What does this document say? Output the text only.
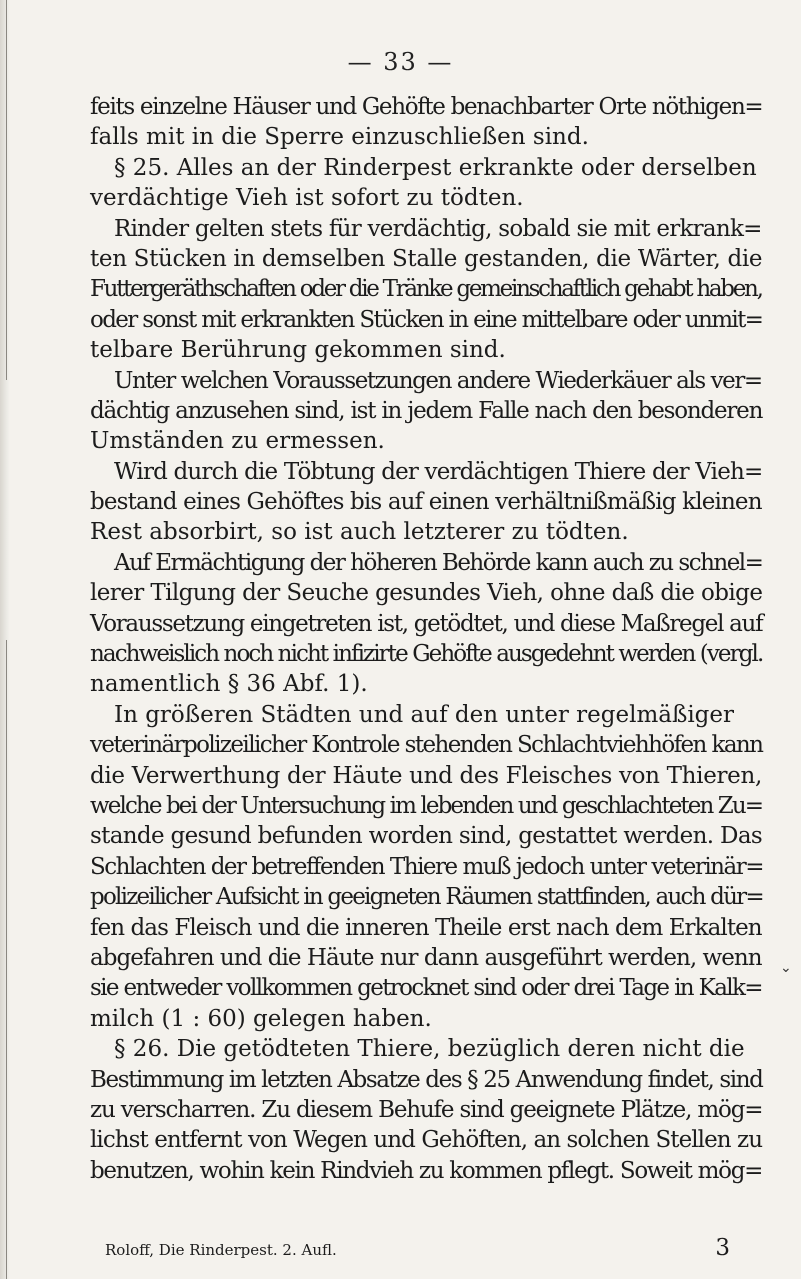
— 33 —
feits einzelne Häuser und Gehöfte benachbarter Orte nöthigen=
falls mit in die Sperre einzuschließen sind.
§ 25. Alles an der Rinderpest erkrankte oder derselben
verdächtige Vieh ist sofort zu tödten.
Rinder gelten stets für verdächtig, sobald sie mit erkrank=
ten Stücken in demselben Stalle gestanden, die Wärter, die
Futtergeräthschaften oder die Tränke gemeinschaftlich gehabt haben,
oder sonst mit erkrankten Stücken in eine mittelbare oder unmit=
telbare Berührung gekommen sind.
Unter welchen Voraussetzungen andere Wiederkäuer als ver=
dächtig anzusehen sind, ist in jedem Falle nach den besonderen
Umständen zu ermessen.
Wird durch die Töbtung der verdächtigen Thiere der Vieh=
bestand eines Gehöftes bis auf einen verhältnißmäßig kleinen
Rest absorbirt, so ist auch letzterer zu tödten.
Auf Ermächtigung der höheren Behörde kann auch zu schnel=
lerer Tilgung der Seuche gesundes Vieh, ohne daß die obige
Voraussetzung eingetreten ist, getödtet, und diese Maßregel auf
nachweislich noch nicht infizirte Gehöfte ausgedehnt werden (vergl.
namentlich § 36 Abf. 1).
In größeren Städten und auf den unter regelmäßiger
veterinärpolizeilicher Kontrole stehenden Schlachtviehhöfen kann
die Verwerthung der Häute und des Fleisches von Thieren,
welche bei der Untersuchung im lebenden und geschlachteten Zu=
stande gesund befunden worden sind, gestattet werden. Das
Schlachten der betreffenden Thiere muß jedoch unter veterinär=
polizeilicher Aufsicht in geeigneten Räumen stattfinden, auch dür=
fen das Fleisch und die inneren Theile erst nach dem Erkalten
abgefahren und die Häute nur dann ausgeführt werden, wenn
sie entweder vollkommen getrocknet sind oder drei Tage in Kalk=
milch (1 : 60) gelegen haben.
§ 26. Die getödteten Thiere, bezüglich deren nicht die
Bestimmung im letzten Absatze des § 25 Anwendung findet, sind
zu verscharren. Zu diesem Behufe sind geeignete Plätze, mög=
lichst entfernt von Wegen und Gehöften, an solchen Stellen zu
benutzen, wohin kein Rindvieh zu kommen pflegt. Soweit mög=
⌄
Roloff, Die Rinderpest. 2. Aufl.	3
